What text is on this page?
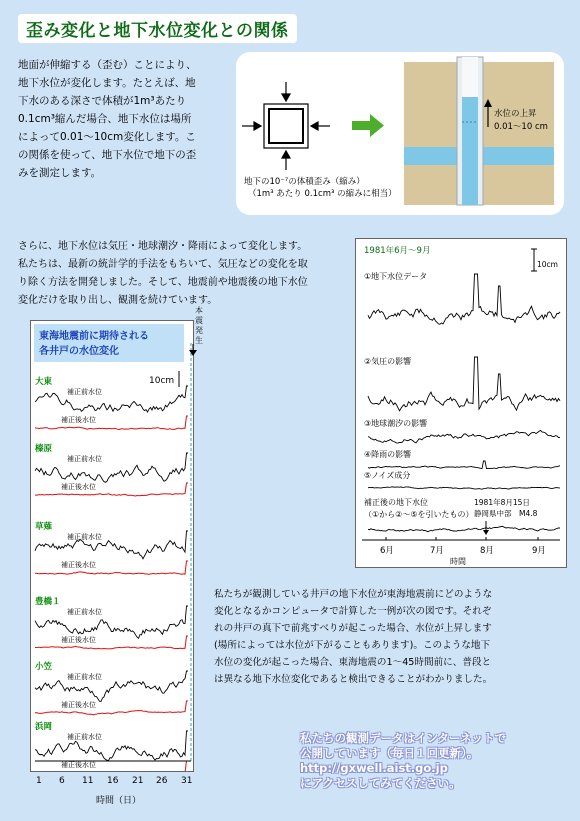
歪み変化と地下水位変化との関係
地面が伸縮する（歪む）ことにより、
地下水位が変化します。たとえば、地
下水のある深さで体積が1m³あたり
0.1cm³縮んだ場合、地下水位は場所
によって0.01～10cm変化します。こ
の関係を使って、地下水位で地下の歪
みを測定します。
水位の上昇
0.01～10 cm
地下の10⁻⁷の体積歪み（縮み）
（1m³ あたり 0.1cm³ の縮みに相当）
さらに、地下水位は気圧・地球潮汐・降雨によって変化します。
私たちは、最新の統計学的手法をもちいて、気圧などの変化を取
り除く方法を開発しました。そして、地震前や地震後の地下水位
変化だけを取り出し、観測を続けています。
1981年6月～9月
10cm
①地下水位データ
②気圧の影響
③地球潮汐の影響
④降雨の影響
⑤ノイズ成分
補正後の地下水位
（①から②～⑤を引いたもの）
1981年8月15日
静岡県中部　M4.8
6月	7月	8月	9月
時間
東海地震前に期待される
各井戸の水位変化
大東
補正前水位
補正後水位
榛原
補正前水位
補正後水位
草薙
補正前水位
補正後水位
豊橋１
補正前水位
補正後水位
小笠
補正前水位
補正後水位
浜岡
補正前水位
補正後水位
10cm
本
震
発
生
1 6 11 16 21 26 31
時間（日）
私たちが観測している井戸の地下水位が東海地震前にどのような
変化となるかコンピュータで計算した一例が次の図です。それぞ
れの井戸の真下で前兆すべりが起こった場合、水位が上昇します
(場所によっては水位が下がることもあります)。このような地下
水位の変化が起こった場合、東海地震の1～45時間前に、普段と
は異なる地下水位変化であると検出できることがわかりました。
私たちの観測データはインターネットで
公開しています（毎日１回更新）。
http://gxwell.aist.go.jp
にアクセスしてみてください。
